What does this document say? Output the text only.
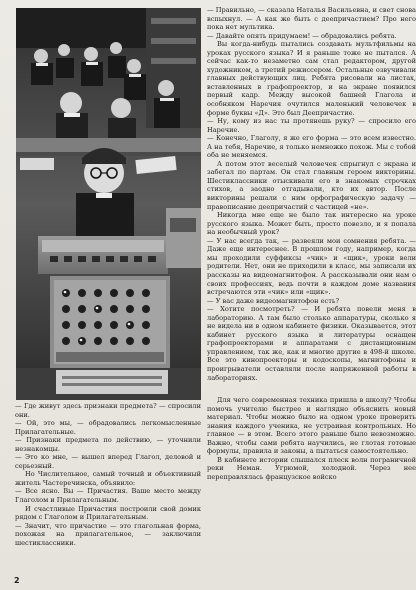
— Где живут здесь признаки предмета? — спросили они.

— Ой, это мы, — обрадовались легкомысленные Прилагательные.

— Признаки предмета по действию, — уточнили незнакомцы.

— Это ко мне, — вышел вперед Глагол, деловой и серьезный.

Но Числительное, самый точный и объективный житель Частеречинска, объявило:

— Все ясно. Вы — Причастия. Ваше место между Глаголом и Прилагательным.

И счастливые Причастия построили свой домик рядом с Глаголом и Прилагательным.

— Значит, что причастие — это глагольная форма, похожая на прилагательное, — заключили шестиклассники.

— Правильно, — сказала Наталья Васильевна, и свет снова вспыхнул. — А как же быть с деепричастием? Про него пока нет мультика.

— Давайте опять придумаем! — обрадовались ребята.

Вы когда-нибудь пытались создавать мультфильмы на уроках русского языка? И я раньше тоже не пытался. А сейчас как-то незаметно сам стал редактором, другой художником, а третий режиссером. Остальные озвучивали главных действующих лиц. Ребята рисовали на листах, вставленных в графопроектор, и на экране появился первый кадр. Между высокой башней Глагола и особняком Наречия очутился маленький человечек в форме буквы «Д». Это был Деепричастие.

— Ну, кому из нас ты протянешь руку? — спросило его Наречие.

— Конечно, Глаголу, я же его форма — это всем известно. А на тебя, Наречие, я только немножко похож. Мы с тобой оба не меняемся.

А потом этот веселый человечек спрыгнул с экрана и забегал по партам. Он стал главным героем викторины. Шестиклассники отыскивали его в знакомых строчках стихов, а заодно отгадывали, кто их автор. После викторины решали с ним орфографическую задачу — правописание деепричастий с частицей «не».

Никогда мне еще не было так интересно на уроке русского языка. Может быть, просто повезло, и я попала на необычный урок?

— У нас всегда так, — развеяли мои сомнения ребята. — Даже еще интереснее. В прошлом году, например, когда мы проходили суффиксы «чик» и «щик», уроки вели родители. Нет, они не приходили в класс, мы записали их рассказы на видеомагнитофон. А рассказывали они нам о своих профессиях, ведь почти в каждом доме названия встречаются эти «чик» или «щик».

— У вас даже видеомагнитофон есть?

— Хотите посмотреть? — И ребята повели меня в лабораторию. А там было столько аппаратуры, сколько я не видела ни в одном кабинете физики. Оказывается, этот кабинет русского языка и литературы оснащен графопроекторами и аппаратами с дистанционным управлением, так же, как и многие другие в 498-й школе. Все это кинопроекторы и кодоскопы, магнитофоны и проигрыватели оставляли после напряженной работы в лабораториях.

Для чего современная техника пришла в школу? Чтобы помочь учителю быстрее и наглядно объяснить новый материал. Чтобы можно было на одном уроке проверить знания каждого ученика, не устраивая контрольных. Но главное — в этом. Всего этого раньше было невозможно. Важно, чтобы сами ребята научились, не глотая готовые формулы, правила и законы, а пытаться самостоятельно.

В кабинете истории слышался плеск волн пограничной реки Неман. Угрюмой, холодной. Через нее переправлялась французское войско

2
